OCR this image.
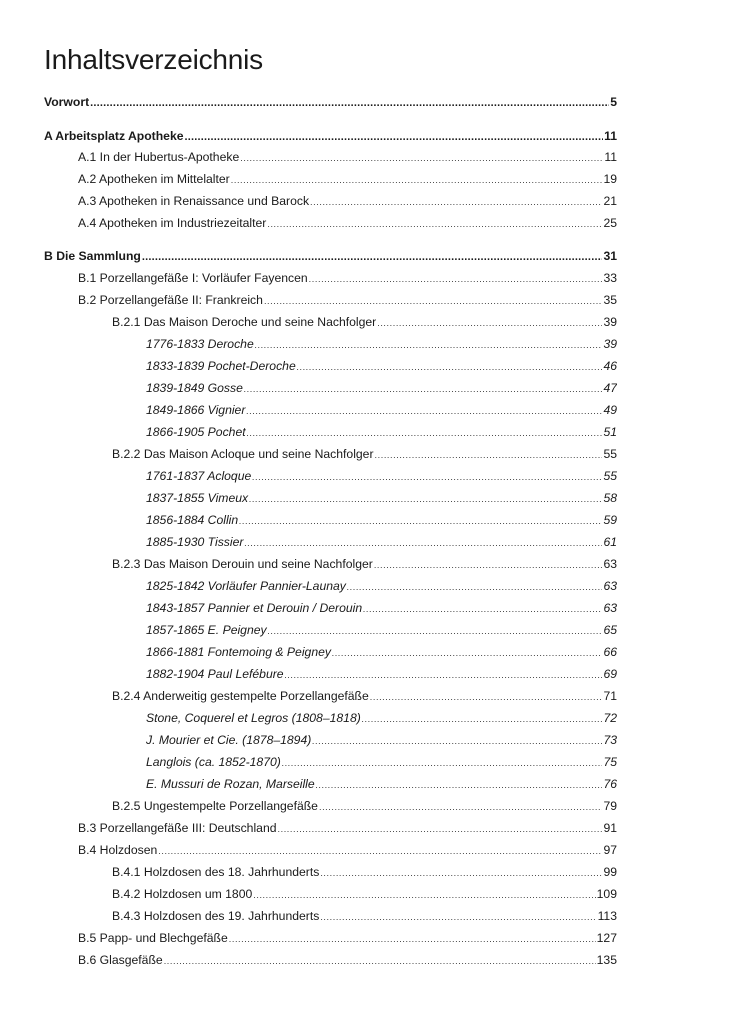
Inhaltsverzeichnis
Vorwort .....	5
A Arbeitsplatz Apotheke .....	11
A.1 In der Hubertus-Apotheke .....	11
A.2 Apotheken im Mittelalter .....	19
A.3 Apotheken in Renaissance und Barock .....	21
A.4 Apotheken im Industriezeitalter .....	25
B Die Sammlung .....	31
B.1 Porzellangefäße I: Vorläufer Fayencen .....	33
B.2 Porzellangefäße II: Frankreich .....	35
B.2.1 Das Maison Deroche und seine Nachfolger .....	39
1776-1833 Deroche .....	39
1833-1839 Pochet-Deroche .....	46
1839-1849 Gosse .....	47
1849-1866 Vignier .....	49
1866-1905 Pochet .....	51
B.2.2 Das Maison Acloque und seine Nachfolger .....	55
1761-1837 Acloque .....	55
1837-1855 Vimeux .....	58
1856-1884 Collin .....	59
1885-1930 Tissier .....	61
B.2.3 Das Maison Derouin und seine Nachfolger .....	63
1825-1842 Vorläufer Pannier-Launay .....	63
1843-1857 Pannier et Derouin / Derouin .....	63
1857-1865 E. Peigney .....	65
1866-1881 Fontemoing & Peigney .....	66
1882-1904 Paul Lefébure .....	69
B.2.4 Anderweitig gestempelte Porzellangefäße .....	71
Stone, Coquerel et Legros (1808–1818) .....	72
J. Mourier et Cie. (1878–1894) .....	73
Langlois (ca. 1852-1870) .....	75
E. Mussuri de Rozan, Marseille .....	76
B.2.5 Ungestempelte Porzellangefäße .....	79
B.3 Porzellangefäße III: Deutschland .....	91
B.4 Holzdosen .....	97
B.4.1 Holzdosen des 18. Jahrhunderts .....	99
B.4.2 Holzdosen um 1800 .....	109
B.4.3 Holzdosen des 19. Jahrhunderts .....	113
B.5 Papp- und Blechgefäße .....	127
B.6 Glasgefäße .....	135
